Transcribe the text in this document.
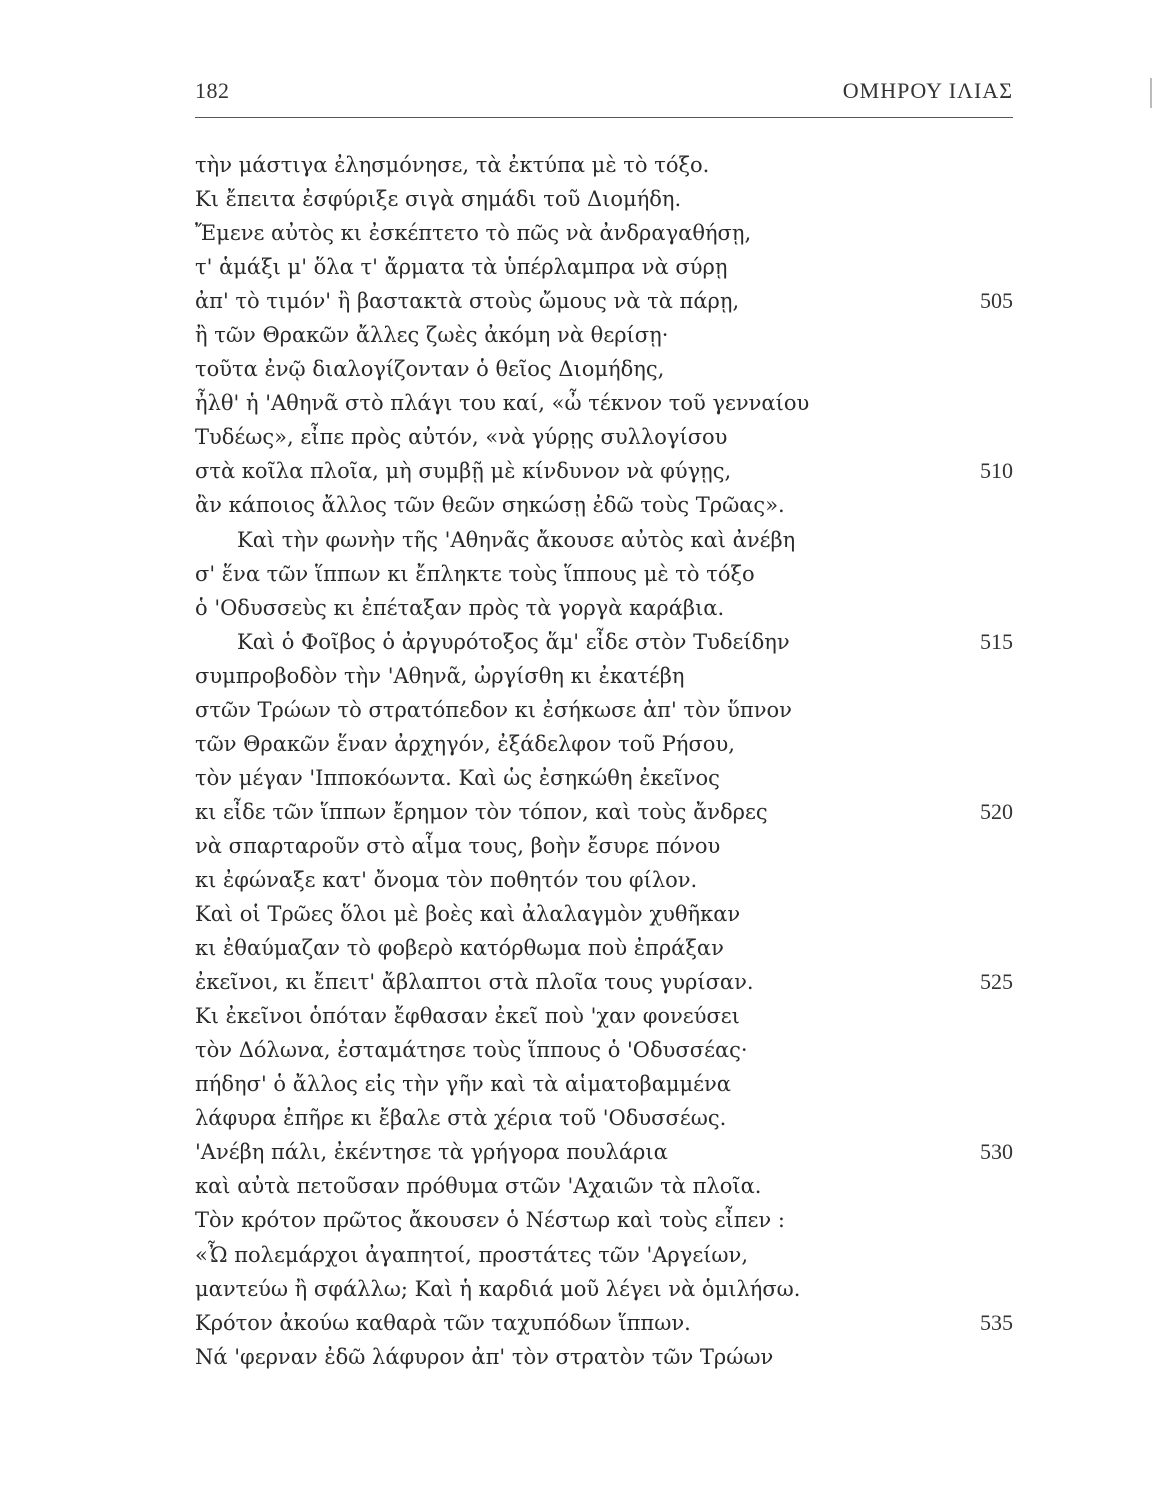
182	ΟΜΗΡΟΥ ΙΛΙΑΣ
τὴν μάστιγα ἐλησμόνησε, τὰ ἐκτύπα μὲ τὸ τόξο.
Κι ἔπειτα ἐσφύριξε σιγὰ σημάδι τοῦ Διομήδη.
Ἔμενε αὐτὸς κι ἐσκέπτετο τὸ πῶς νὰ ἀνδραγαθήσῃ,
τ' ἁμάξι μ' ὅλα τ' ἄρματα τὰ ὑπέρλαμπρα νὰ σύρῃ
ἀπ' τὸ τιμόν' ἢ βαστακτὰ στοὺς ὤμους νὰ τὰ πάρῃ,	505
ἢ τῶν Θρακῶν ἄλλες ζωὲς ἀκόμη νὰ θερίσῃ·
τοῦτα ἐνῷ διαλογίζονταν ὁ θεῖος Διομήδης,
ἦλθ' ἡ 'Αθηνᾶ στὸ πλάγι του καί, «ὦ τέκνον τοῦ γενναίου
Τυδέως», εἶπε πρὸς αὐτόν, «νὰ γύρῃς συλλογίσου
στὰ κοῖλα πλοῖα, μὴ συμβῇ μὲ κίνδυνον νὰ φύγῃς,	510
ἂν κάποιος ἄλλος τῶν θεῶν σηκώσῃ ἐδῶ τοὺς Τρῶας».
Καὶ τὴν φωνὴν τῆς 'Αθηνᾶς ἄκουσε αὐτὸς καὶ ἀνέβη
σ' ἕνα τῶν ἵππων κι ἔπληκτε τοὺς ἵππους μὲ τὸ τόξο
ὁ 'Οδυσσεὺς κι ἐπέταξαν πρὸς τὰ γοργὰ καράβια.
Καὶ ὁ Φοῖβος ὁ ἀργυρότοξος ἅμ' εἶδε στὸν Τυδείδην	515
συμπροβοδὸν τὴν 'Αθηνᾶ, ὠργίσθη κι ἐκατέβη
στῶν Τρώων τὸ στρατόπεδον κι ἐσήκωσε ἀπ' τὸν ὕπνον
τῶν Θρακῶν ἕναν ἀρχηγόν, ἐξάδελφον τοῦ Ρήσου,
τὸν μέγαν 'Ιπποκόωντα. Καὶ ὡς ἐσηκώθη ἐκεῖνος
κι εἶδε τῶν ἵππων ἔρημον τὸν τόπον, καὶ τοὺς ἄνδρες	520
νὰ σπαρταροῦν στὸ αἷμα τους, βοὴν ἔσυρε πόνου
κι ἐφώναξε κατ' ὄνομα τὸν ποθητόν του φίλον.
Καὶ οἱ Τρῶες ὅλοι μὲ βοὲς καὶ ἀλαλαγμὸν χυθῆκαν
κι ἐθαύμαζαν τὸ φοβερὸ κατόρθωμα ποὺ ἐπράξαν
ἐκεῖνοι, κι ἔπειτ' ἄβλαπτοι στὰ πλοῖα τους γυρίσαν.	525
Κι ἐκεῖνοι ὁπόταν ἔφθασαν ἐκεῖ ποὺ 'χαν φονεύσει
τὸν Δόλωνα, ἐσταμάτησε τοὺς ἵππους ὁ 'Οδυσσέας·
πήδησ' ὁ ἄλλος εἰς τὴν γῆν καὶ τὰ αἱματοβαμμένα
λάφυρα ἐπῆρε κι ἔβαλε στὰ χέρια τοῦ 'Οδυσσέως.
'Ανέβη πάλι, ἐκέντησε τὰ γρήγορα πουλάρια	530
καὶ αὐτὰ πετοῦσαν πρόθυμα στῶν 'Αχαιῶν τὰ πλοῖα.
Τὸν κρότον πρῶτος ἄκουσεν ὁ Νέστωρ καὶ τοὺς εἶπεν :
«Ὦ πολεμάρχοι ἀγαπητοί, προστάτες τῶν 'Αργείων,
μαντεύω ἢ σφάλλω; Καὶ ἡ καρδιά μοῦ λέγει νὰ ὁμιλήσω.
Κρότον ἀκούω καθαρὰ τῶν ταχυπόδων ἵππων.	535
Νά 'φερναν ἐδῶ λάφυρον ἀπ' τὸν στρατὸν τῶν Τρώων
